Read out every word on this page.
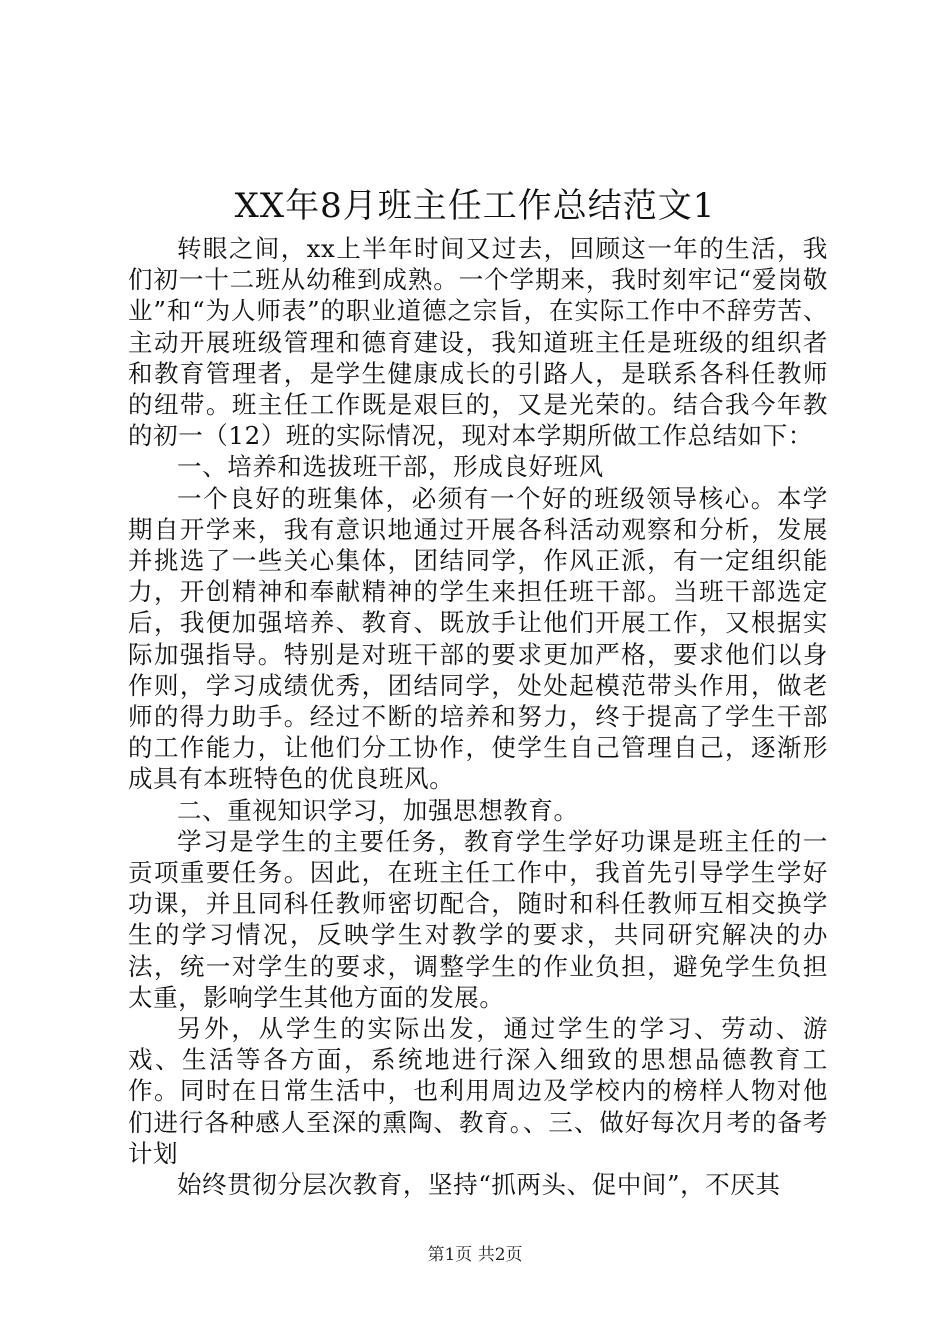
XX年8月班主任工作总结范文1

转眼之间，xx上半年时间又过去，回顾这一年的生活，我们初一十二班从幼稚到成熟。一个学期来，我时刻牢记“爱岗敬业”和“为人师表”的职业道德之宗旨，在实际工作中不辞劳苦、主动开展班级管理和德育建设，我知道班主任是班级的组织者和教育管理者，是学生健康成长的引路人，是联系各科任教师的纽带。班主任工作既是艰巨的，又是光荣的。结合我今年教的初一（12）班的实际情况，现对本学期所做工作总结如下：

一、培养和选拔班干部，形成良好班风

一个良好的班集体，必须有一个好的班级领导核心。本学期自开学来，我有意识地通过开展各科活动观察和分析，发展并挑选了一些关心集体，团结同学，作风正派，有一定组织能力，开创精神和奉献精神的学生来担任班干部。当班干部选定后，我便加强培养、教育、既放手让他们开展工作，又根据实际加强指导。特别是对班干部的要求更加严格，要求他们以身作则，学习成绩优秀，团结同学，处处起模范带头作用，做老师的得力助手。经过不断的培养和努力，终于提高了学生干部的工作能力，让他们分工协作，使学生自己管理自己，逐渐形成具有本班特色的优良班风。

二、重视知识学习，加强思想教育。

学习是学生的主要任务，教育学生学好功课是班主任的一贡项重要任务。因此，在班主任工作中，我首先引导学生学好功课，并且同科任教师密切配合，随时和科任教师互相交换学生的学习情况，反映学生对教学的要求，共同研究解决的办法，统一对学生的要求，调整学生的作业负担，避免学生负担太重，影响学生其他方面的发展。

另外，从学生的实际出发，通过学生的学习、劳动、游戏、生活等各方面，系统地进行深入细致的思想品德教育工作。同时在日常生活中，也利用周边及学校内的榜样人物对他们进行各种感人至深的熏陶、教育。、三、做好每次月考的备考计划

始终贯彻分层次教育，坚持“抓两头、促中间”，不厌其

第1页 共2页
